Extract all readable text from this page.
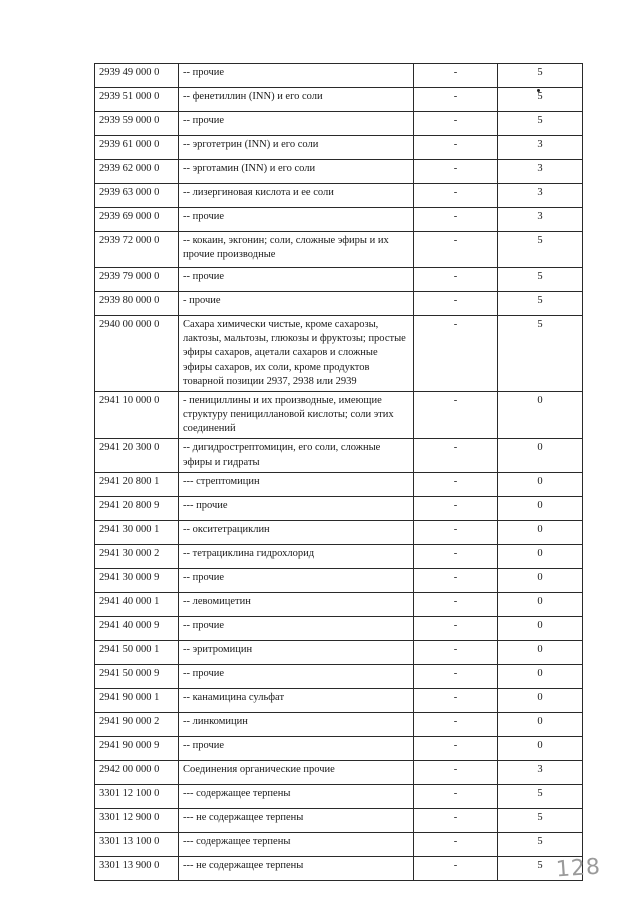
2939 49 000 0	-- прочие	-	5
2939 51 000 0	-- фенетиллин (INN) и его соли	-	5
2939 59 000 0	-- прочие	-	5
2939 61 000 0	-- эрготетрин (INN) и его соли	-	3
2939 62 000 0	-- эрготамин (INN) и его соли	-	3
2939 63 000 0	-- лизергиновая кислота и ее соли	-	3
2939 69 000 0	-- прочие	-	3
2939 72 000 0	-- кокаин, экгонин; соли, сложные эфиры и их прочие производные	-	5
2939 79 000 0	-- прочие	-	5
2939 80 000 0	- прочие	-	5
2940 00 000 0	Сахара химически чистые, кроме сахарозы, лактозы, мальтозы, глюкозы и фруктозы; простые эфиры сахаров, ацетали сахаров и сложные эфиры сахаров, их соли, кроме продуктов товарной позиции 2937, 2938 или 2939	-	5
2941 10 000 0	- пенициллины и их производные, имеющие структуру пенициллановой кислоты; соли этих соединений	-	0
2941 20 300 0	-- дигидрострептомицин, его соли, сложные эфиры и гидраты	-	0
2941 20 800 1	--- стрептомицин	-	0
2941 20 800 9	--- прочие	-	0
2941 30 000 1	-- окситетрациклин	-	0
2941 30 000 2	-- тетрациклина гидрохлорид	-	0
2941 30 000 9	-- прочие	-	0
2941 40 000 1	-- левомицетин	-	0
2941 40 000 9	-- прочие	-	0
2941 50 000 1	-- эритромицин	-	0
2941 50 000 9	-- прочие	-	0
2941 90 000 1	-- канамицина сульфат	-	0
2941 90 000 2	-- линкомицин	-	0
2941 90 000 9	-- прочие	-	0
2942 00 000 0	Соединения органические прочие	-	3
3301 12 100 0	--- содержащее терпены	-	5
3301 12 900 0	--- не содержащее терпены	-	5
3301 13 100 0	--- содержащее терпены	-	5
3301 13 900 0	--- не содержащее терпены	-	5 128
